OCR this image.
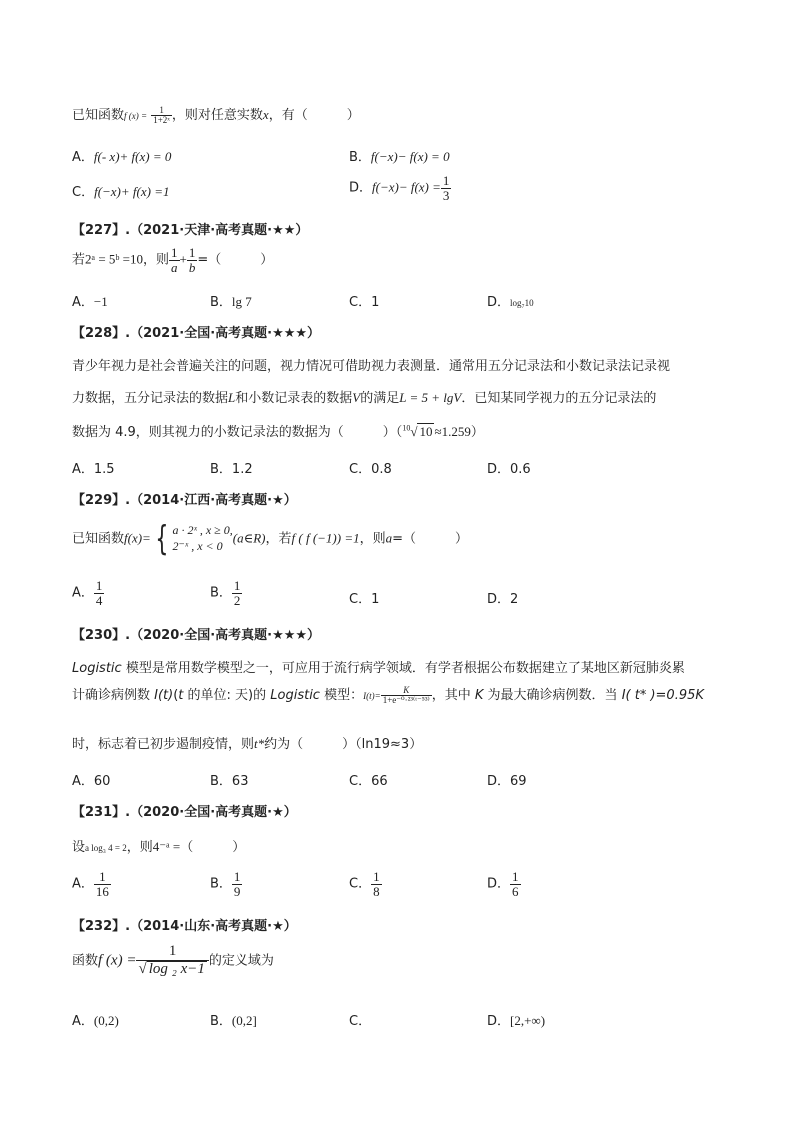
已知函数f $(x) = \frac{1}{\text{1+2ˣ}}$ ，则对任意实数x，有（　　　）
A．f(- x)+ f(x) = 0	B．f(−x)− f(x) = 0
C．f(−x)+ f(x) =1	D．$f(-x)- f(x) = \frac{1}{3}$
【227】.（2021·天津·高考真题·★★）
若2ᵃ = 5ᵇ =10，则 $\frac{1}{a} + \frac{1}{b}$ =（　　　）
A．−1	B．lg 7	C．1	D．log₇10
【228】.（2021·全国·高考真题·★★★）
青少年视力是社会普遍关注的问题，视力情况可借助视力表测量．通常用五分记录法和小数记录法记录视
力数据，五分记录法的数据L和小数记录表的数据V的满足L = 5 + lgV．已知某同学视力的五分记录法的
数据为 4.9，则其视力的小数记录法的数据为（　　　）（$^{10}$√ 10 ≈1.259）
A．1.5	B．1.2	C．0.8	D．0.6
【229】.（2014·江西·高考真题·★）
已知函数f(x)= { a · 2ˣ , x ≥ 0,
2⁻ˣ , x < 0
(a∈R)，若f ( f (−1)) =1，则a=（　　　）
A． $\frac{1}{4}$	B． $\frac{1}{2}$	C．1	D．2
【230】.（2020·全国·高考真题·★★★）
Logistic 模型是常用数学模型之一，可应用于流行病学领域．有学者根据公布数据建立了某地区新冠肺炎累
计确诊病例数 I(t)(t 的单位: 天)的 Logistic 模型：$I(t)= \frac{K}{\text{1+e⁻⁰·²³⁽ᵗ⁻⁵³⁾}}$ ，其中 K 为最大确诊病例数．当 I( t* )=0.95K
时，标志着已初步遏制疫情，则t*约为（　　　）（ln19≈3）
A．60	B．63	C．66	D．69
【231】.（2020·全国·高考真题·★）
设a log₃ 4 = 2，则4⁻ᵃ =（　　　）
A． $\frac{1}{16}$	B． $\frac{1}{9}$	C． $\frac{1}{8}$	D． $\frac{1}{6}$
【232】.（2014·山东·高考真题·★）
函数f $(x) = \frac{1}{\text{√ log ₂ x−1}}$ 的定义域为
A．(0,2)	B．(0,2]	C．	D．[2,+∞)
